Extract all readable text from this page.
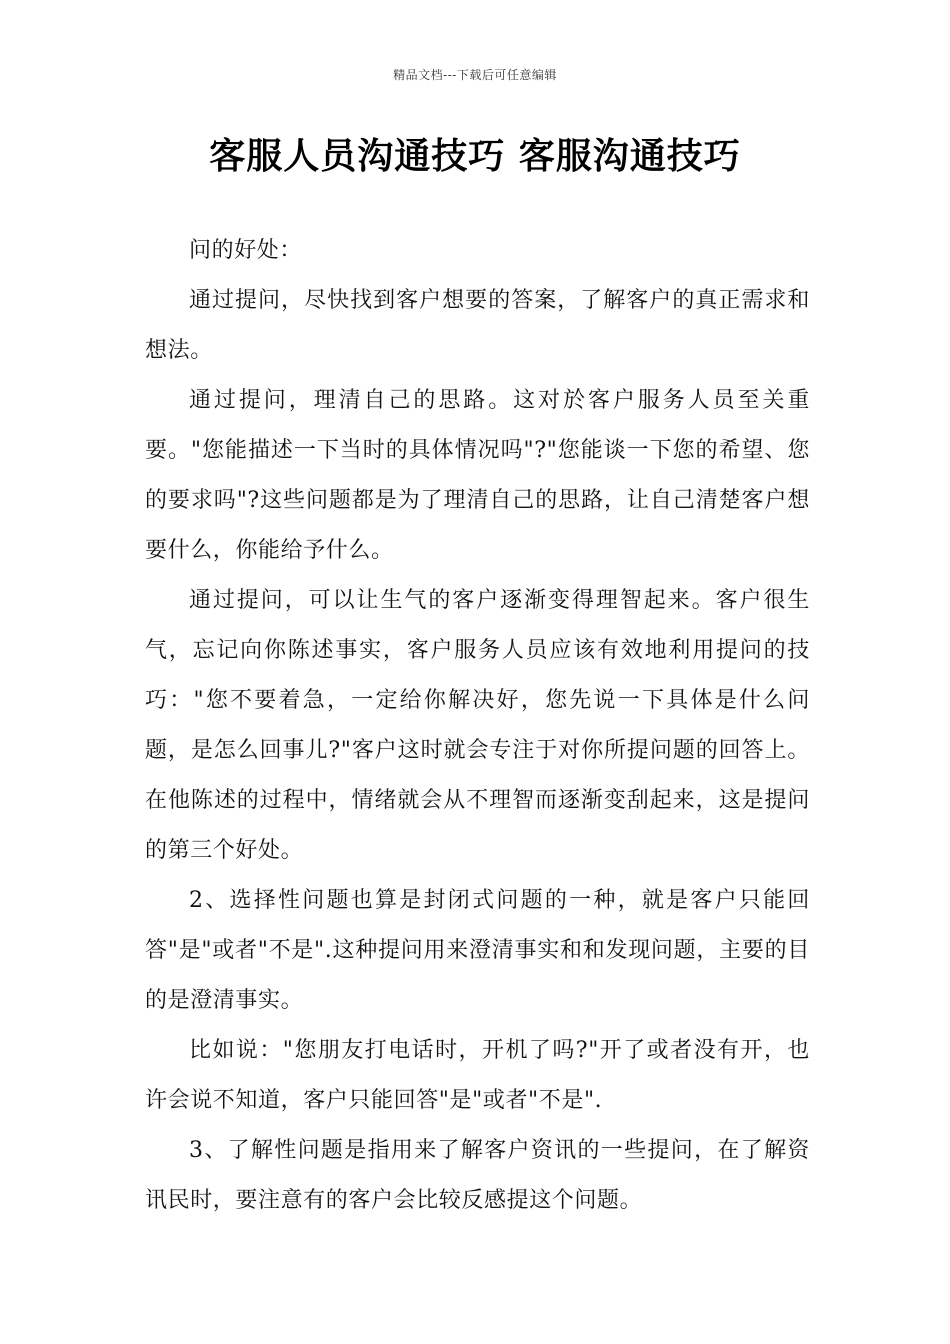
精品文档---下载后可任意编辑
客服人员沟通技巧 客服沟通技巧

问的好处：

通过提问，尽快找到客户想要的答案，了解客户的真正需求和想法。

通过提问，理清自己的思路。这对於客户服务人员至关重要。"您能描述一下当时的具体情况吗"?"您能谈一下您的希望、您的要求吗"?这些问题都是为了理清自己的思路，让自己清楚客户想要什么，你能给予什么。

通过提问，可以让生气的客户逐渐变得理智起来。客户很生气，忘记向你陈述事实，客户服务人员应该有效地利用提问的技巧："您不要着急，一定给你解决好，您先说一下具体是什么问题，是怎么回事儿?"客户这时就会专注于对你所提问题的回答上。在他陈述的过程中，情绪就会从不理智而逐渐变刮起来，这是提问的第三个好处。

2、选择性问题也算是封闭式问题的一种，就是客户只能回答"是"或者"不是".这种提问用来澄清事实和和发现问题，主要的目的是澄清事实。

比如说："您朋友打电话时，开机了吗?"开了或者没有开，也许会说不知道，客户只能回答"是"或者"不是".

3、了解性问题是指用来了解客户资讯的一些提问，在了解资讯民时，要注意有的客户会比较反感提这个问题。
